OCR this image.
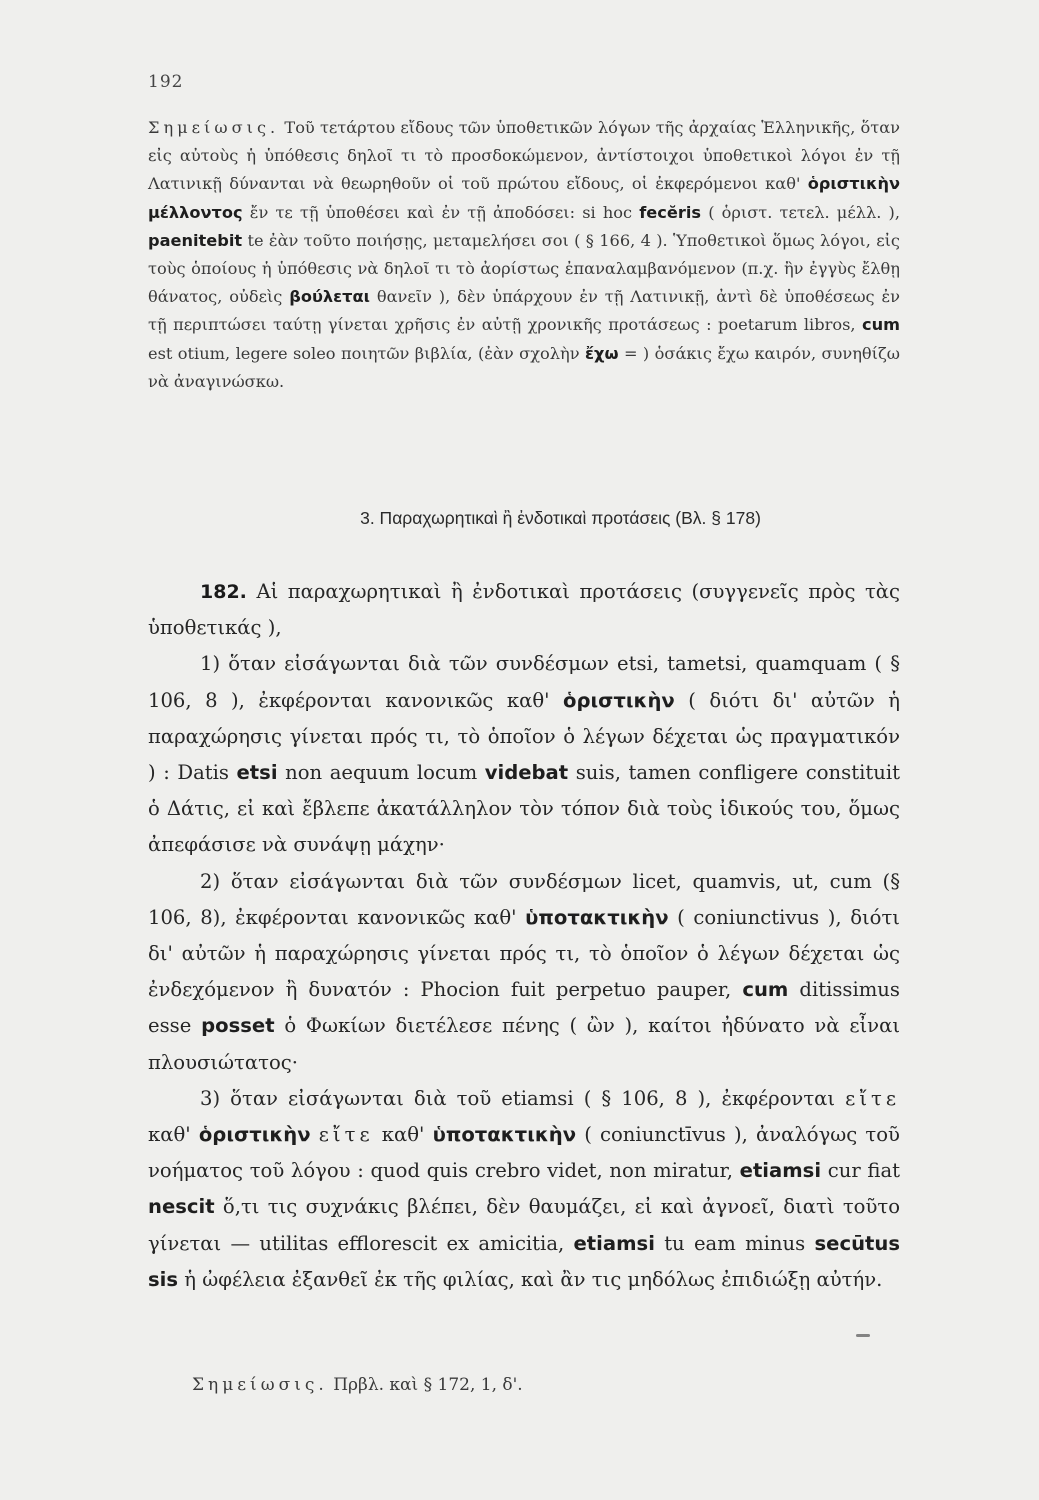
192

Σημείωσις. Τοῦ τετάρτου εἴδους τῶν ὑποθετικῶν λόγων τῆς ἀρχαίας Ἑλληνικῆς, ὅταν εἰς αὐτοὺς ἡ ὑπόθεσις δηλοῖ τι τὸ προσδοκώμενον, ἀντίστοιχοι ὑποθετικοὶ λόγοι ἐν τῇ Λατινικῇ δύνανται νὰ θεωρηθοῦν οἱ τοῦ πρώτου εἴδους, οἱ ἐκφερόμενοι καθ' ὁριστικὴν μέλλοντος ἔν τε τῇ ὑποθέσει καὶ ἐν τῇ ἀποδόσει: si hoc fecĕris ( ὁριστ. τετελ. μέλλ. ), paenitebit te ἐὰν τοῦτο ποιήσῃς, μεταμελήσει σοι ( § 166, 4 ). Ὑποθετικοὶ ὅμως λόγοι, εἰς τοὺς ὁποίους ἡ ὑπόθεσις νὰ δηλοῖ τι τὸ ἀορίστως ἐπαναλαμβανόμενον (π.χ. ἢν ἐγγὺς ἔλθῃ θάνατος, οὐδεὶς βούλεται θανεῖν ), δὲν ὑπάρχουν ἐν τῇ Λατινικῇ, ἀντὶ δὲ ὑποθέσεως ἐν τῇ περιπτώσει ταύτῃ γίνεται χρῆσις ἐν αὐτῇ χρονικῆς προτάσεως : poetarum libros, cum est otium, legere soleo ποιητῶν βιβλία, (ἐὰν σχολὴν ἔχω = ) ὁσάκις ἔχω καιρόν, συνηθίζω νὰ ἀναγινώσκω.

3. Παραχωρητικαὶ ἢ ἐνδοτικαὶ προτάσεις (Βλ. § 178)

182. Αἱ παραχωρητικαὶ ἢ ἐνδοτικαὶ προτάσεις (συγγενεῖς πρὸς τὰς ὑποθετικάς ),

1) ὅταν εἰσάγωνται διὰ τῶν συνδέσμων etsi, tametsi, quamquam ( § 106, 8 ), ἐκφέρονται κανονικῶς καθ' ὁριστικὴν ( διότι δι' αὐτῶν ἡ παραχώρησις γίνεται πρός τι, τὸ ὁποῖον ὁ λέγων δέχεται ὡς πραγματικόν ) : Datis etsi non aequum locum videbat suis, tamen confligere constituit ὁ Δάτις, εἰ καὶ ἔβλεπε ἀκατάλληλον τὸν τόπον διὰ τοὺς ἰδικούς του, ὅμως ἀπεφάσισε νὰ συνάψῃ μάχην·

2) ὅταν εἰσάγωνται διὰ τῶν συνδέσμων licet, quamvis, ut, cum (§ 106, 8), ἐκφέρονται κανονικῶς καθ' ὑποτακτικὴν ( coniunctivus ), διότι δι' αὐτῶν ἡ παραχώρησις γίνεται πρός τι, τὸ ὁποῖον ὁ λέγων δέχεται ὡς ἐνδεχόμενον ἢ δυνατόν : Phocion fuit perpetuo pauper, cum ditissimus esse posset ὁ Φωκίων διετέλεσε πένης ( ὢν ), καίτοι ἠδύνατο νὰ εἶναι πλουσιώτατος·

3) ὅταν εἰσάγωνται διὰ τοῦ etiamsi ( § 106, 8 ), ἐκφέρονται εἴτε καθ' ὁριστικὴν εἴτε καθ' ὑποτακτικὴν ( coniunctīvus ), ἀναλόγως τοῦ νοήματος τοῦ λόγου : quod quis crebro videt, non miratur, etiamsi cur fiat nescit ὅ,τι τις συχνάκις βλέπει, δὲν θαυμάζει, εἰ καὶ ἀγνοεῖ, διατὶ τοῦτο γίνεται — utilitas efflorescit ex amicitia, etiamsi tu eam minus secūtus sis ἡ ὠφέλεια ἐξανθεῖ ἐκ τῆς φιλίας, καὶ ἂν τις μηδόλως ἐπιδιώξῃ αὐτήν.

Σημείωσις. Πρβλ. καὶ § 172, 1, δ'.
